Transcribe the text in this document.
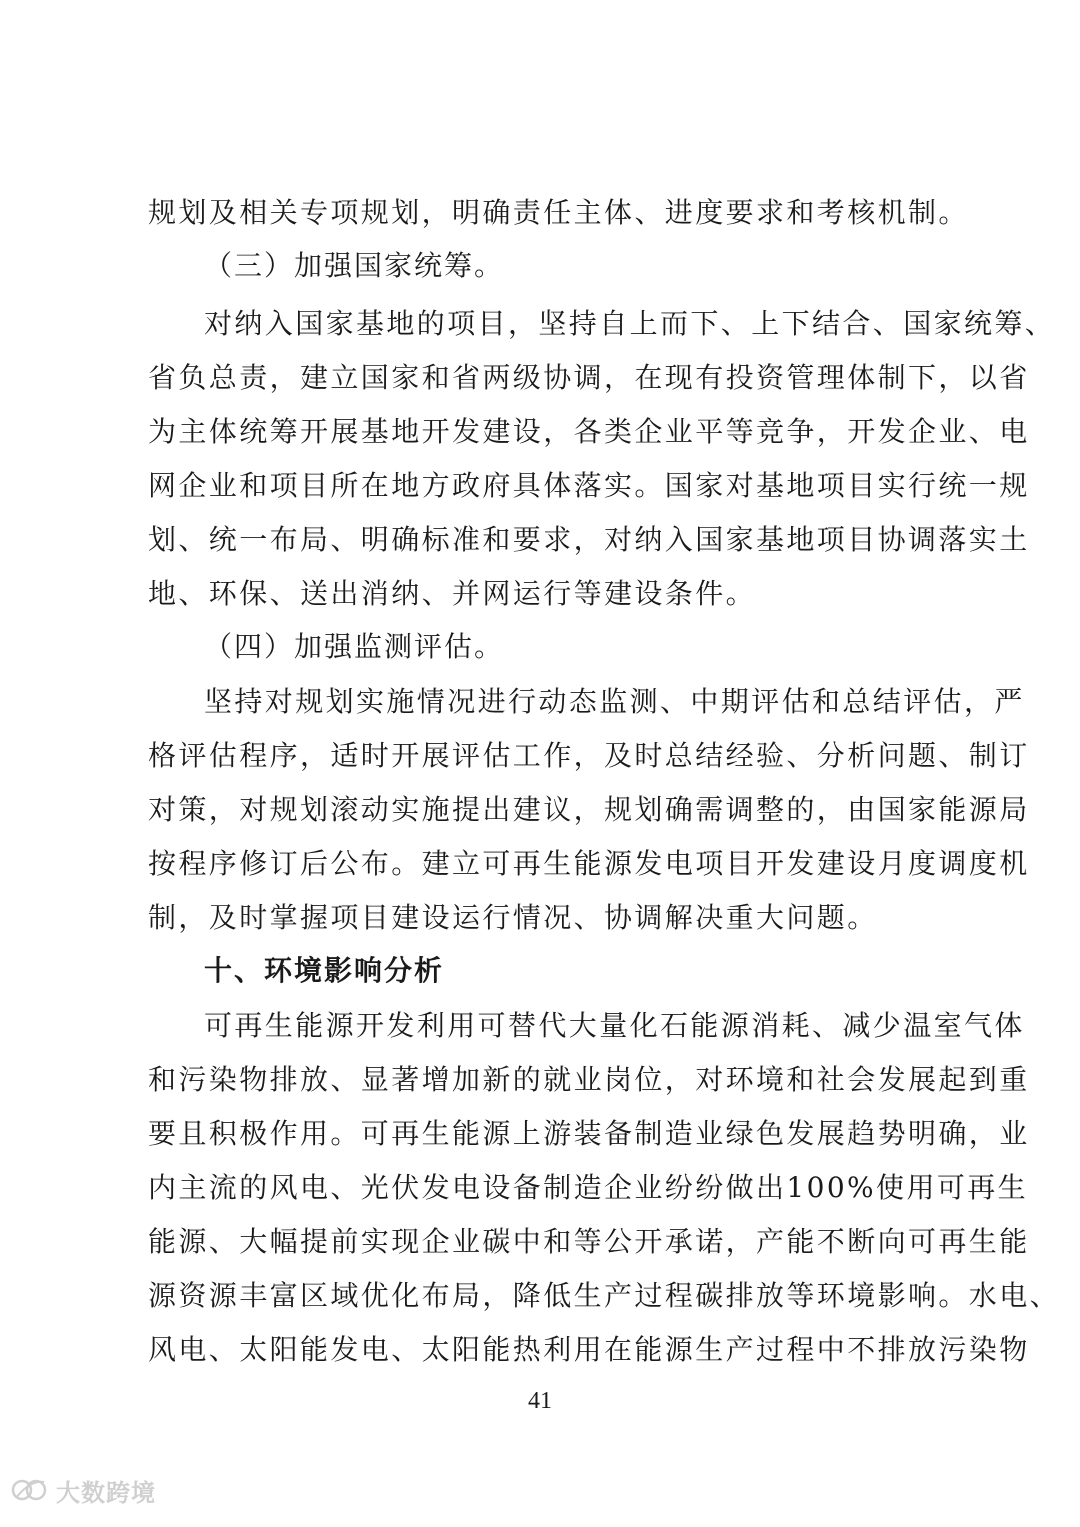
规划及相关专项规划，明确责任主体、进度要求和考核机制。
（三）加强国家统筹。
对纳入国家基地的项目，坚持自上而下、上下结合、国家统筹、
省负总责，建立国家和省两级协调，在现有投资管理体制下，以省
为主体统筹开展基地开发建设，各类企业平等竞争，开发企业、电
网企业和项目所在地方政府具体落实。国家对基地项目实行统一规
划、统一布局、明确标准和要求，对纳入国家基地项目协调落实土
地、环保、送出消纳、并网运行等建设条件。
（四）加强监测评估。
坚持对规划实施情况进行动态监测、中期评估和总结评估，严
格评估程序，适时开展评估工作，及时总结经验、分析问题、制订
对策，对规划滚动实施提出建议，规划确需调整的，由国家能源局
按程序修订后公布。建立可再生能源发电项目开发建设月度调度机
制，及时掌握项目建设运行情况、协调解决重大问题。
十、环境影响分析
可再生能源开发利用可替代大量化石能源消耗、减少温室气体
和污染物排放、显著增加新的就业岗位，对环境和社会发展起到重
要且积极作用。可再生能源上游装备制造业绿色发展趋势明确，业
内主流的风电、光伏发电设备制造企业纷纷做出100%使用可再生
能源、大幅提前实现企业碳中和等公开承诺，产能不断向可再生能
源资源丰富区域优化布局，降低生产过程碳排放等环境影响。水电、
风电、太阳能发电、太阳能热利用在能源生产过程中不排放污染物
41
大数跨境
